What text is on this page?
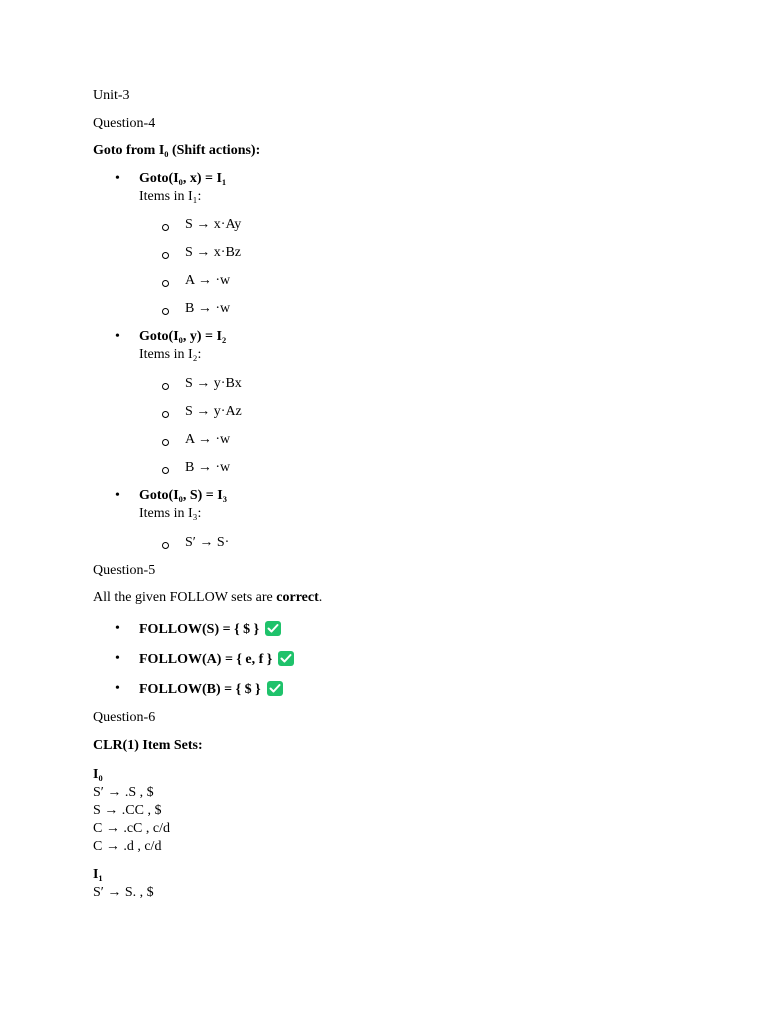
Unit-3
Question-4
Goto from I₀ (Shift actions):
• Goto(I₀, x) = I₁
Items in I₁:
S → x·Ay
S → x·Bz
A → ·w
B → ·w
• Goto(I₀, y) = I₂
Items in I₂:
S → y·Bx
S → y·Az
A → ·w
B → ·w
• Goto(I₀, S) = I₃
Items in I₃:
S′ → S·
Question-5
All the given FOLLOW sets are correct.
• FOLLOW(S) = { $ }
• FOLLOW(A) = { e, f }
• FOLLOW(B) = { $ }
Question-6
CLR(1) Item Sets:
I₀
S′ → .S , $
S → .CC , $
C → .cC , c/d
C → .d , c/d
I₁
S′ → S. , $
